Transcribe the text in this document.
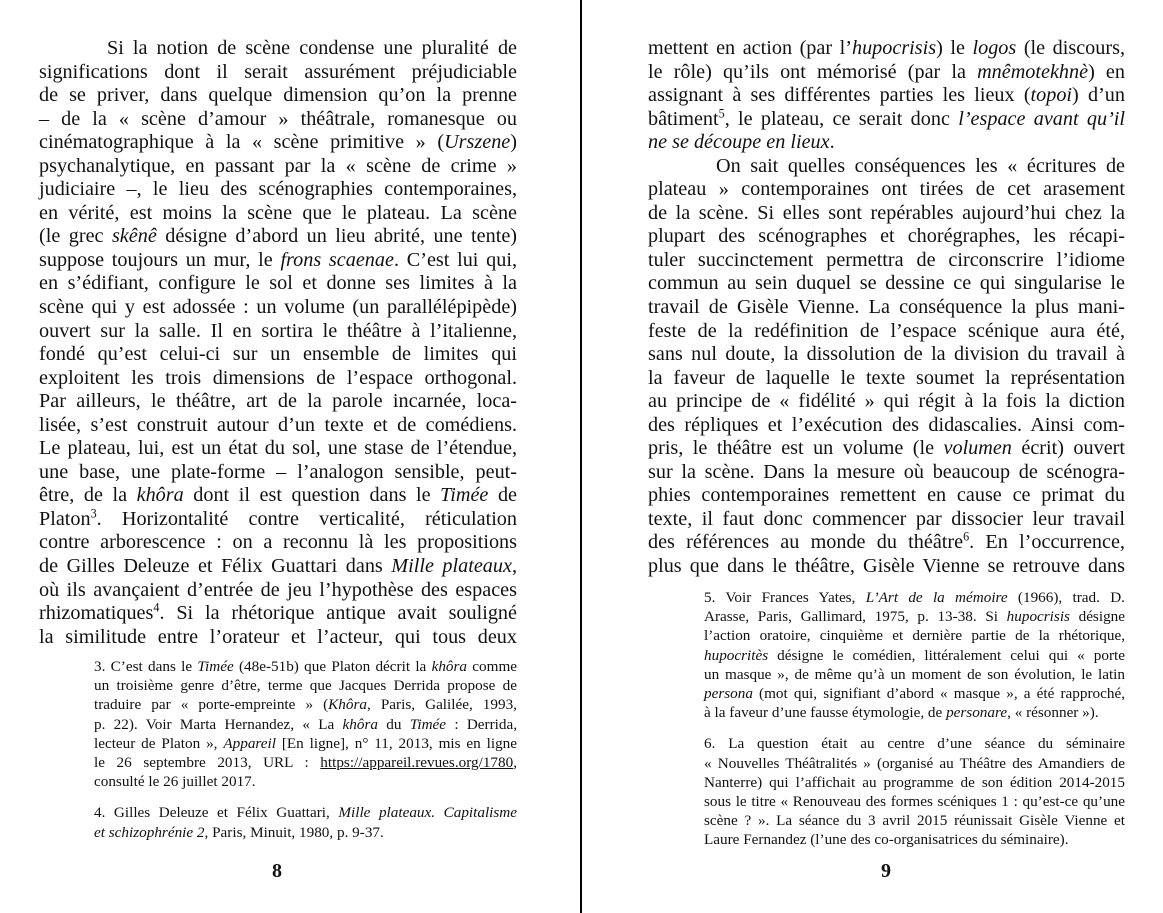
Si la notion de scène condense une pluralité de
significations dont il serait assurément préjudiciable
de se priver, dans quelque dimension qu’on la prenne
– de la « scène d’amour » théâtrale, romanesque ou
cinématographique à la « scène primitive » (Urszene)
psychanalytique, en passant par la « scène de crime »
judiciaire –, le lieu des scénographies contemporaines,
en vérité, est moins la scène que le plateau. La scène
(le grec skênê désigne d’abord un lieu abrité, une tente)
suppose toujours un mur, le frons scaenae. C’est lui qui,
en s’édifiant, configure le sol et donne ses limites à la
scène qui y est adossée : un volume (un parallélépipède)
ouvert sur la salle. Il en sortira le théâtre à l’italienne,
fondé qu’est celui-ci sur un ensemble de limites qui
exploitent les trois dimensions de l’espace orthogonal.
Par ailleurs, le théâtre, art de la parole incarnée, loca-
lisée, s’est construit autour d’un texte et de comédiens.
Le plateau, lui, est un état du sol, une stase de l’étendue,
une base, une plate-forme – l’analogon sensible, peut-
être, de la khôra dont il est question dans le Timée de
Platon$^3$. Horizontalité contre verticalité, réticulation
contre arborescence : on a reconnu là les propositions
de Gilles Deleuze et Félix Guattari dans Mille plateaux,
où ils avançaient d’entrée de jeu l’hypothèse des espaces
rhizomatiques$^4$. Si la rhétorique antique avait souligné
la similitude entre l’orateur et l’acteur, qui tous deux
3. C’est dans le Timée (48e-51b) que Platon décrit la khôra comme
un troisième genre d’être, terme que Jacques Derrida propose de
traduire par « porte-empreinte » (Khôra, Paris, Galilée, 1993,
p. 22). Voir Marta Hernandez, « La khôra du Timée : Derrida,
lecteur de Platon », Appareil [En ligne], n° 11, 2013, mis en ligne
le 26 septembre 2013, URL : https://appareil.revues.org/1780,
consulté le 26 juillet 2017.
4. Gilles Deleuze et Félix Guattari, Mille plateaux. Capitalisme
et schizophrénie 2, Paris, Minuit, 1980, p. 9-37.
8
mettent en action (par l’hupocrisis) le logos (le discours,
le rôle) qu’ils ont mémorisé (par la mnêmotekhnè) en
assignant à ses différentes parties les lieux (topoi) d’un
bâtiment$^5$, le plateau, ce serait donc l’espace avant qu’il
ne se découpe en lieux.
On sait quelles conséquences les « écritures de
plateau » contemporaines ont tirées de cet arasement
de la scène. Si elles sont repérables aujourd’hui chez la
plupart des scénographes et chorégraphes, les récapi-
tuler succinctement permettra de circonscrire l’idiome
commun au sein duquel se dessine ce qui singularise le
travail de Gisèle Vienne. La conséquence la plus mani-
feste de la redéfinition de l’espace scénique aura été,
sans nul doute, la dissolution de la division du travail à
la faveur de laquelle le texte soumet la représentation
au principe de « fidélité » qui régit à la fois la diction
des répliques et l’exécution des didascalies. Ainsi com-
pris, le théâtre est un volume (le volumen écrit) ouvert
sur la scène. Dans la mesure où beaucoup de scénogra-
phies contemporaines remettent en cause ce primat du
texte, il faut donc commencer par dissocier leur travail
des références au monde du théâtre$^6$. En l’occurrence,
plus que dans le théâtre, Gisèle Vienne se retrouve dans
5. Voir Frances Yates, L’Art de la mémoire (1966), trad. D.
Arasse, Paris, Gallimard, 1975, p. 13-38. Si hupocrisis désigne
l’action oratoire, cinquième et dernière partie de la rhétorique,
hupocritès désigne le comédien, littéralement celui qui « porte
un masque », de même qu’à un moment de son évolution, le latin
persona (mot qui, signifiant d’abord « masque », a été rapproché,
à la faveur d’une fausse étymologie, de personare, « résonner »).
6. La question était au centre d’une séance du séminaire
« Nouvelles Théâtralités » (organisé au Théâtre des Amandiers de
Nanterre) qui l’affichait au programme de son édition 2014-2015
sous le titre « Renouveau des formes scéniques 1 : qu’est-ce qu’une
scène ? ». La séance du 3 avril 2015 réunissait Gisèle Vienne et
Laure Fernandez (l’une des co-organisatrices du séminaire).
9
